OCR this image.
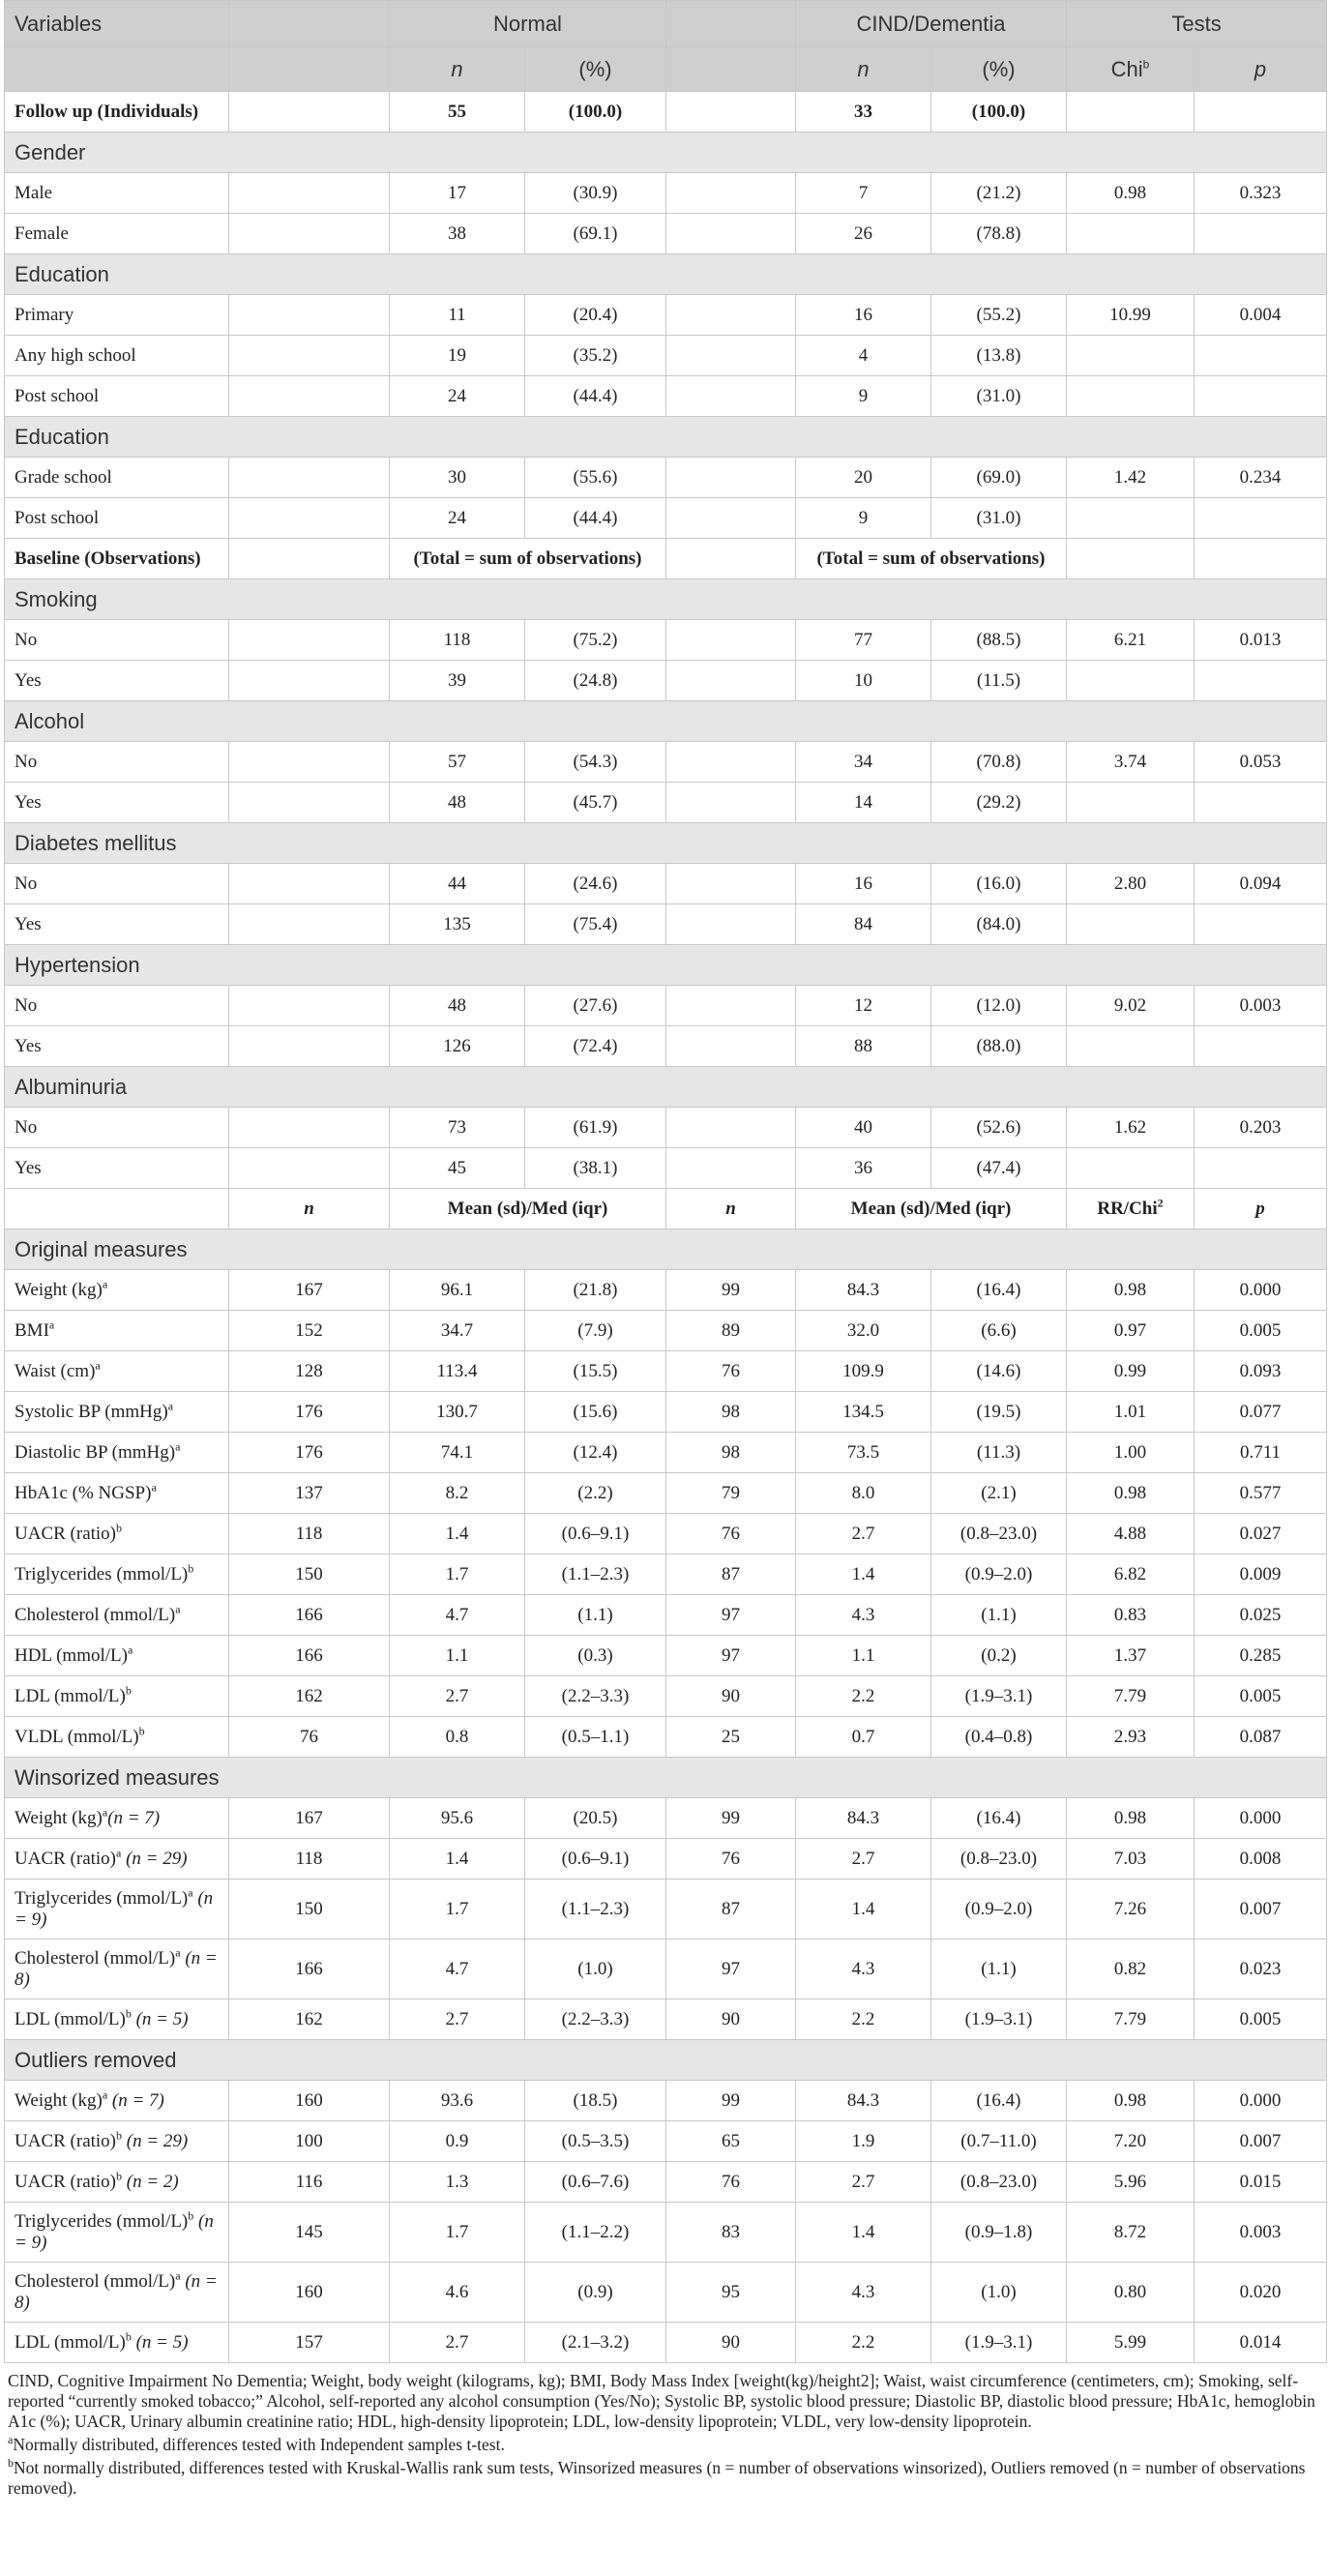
Variables		Normal			CIND/Dementia		Tests	
		n	(%)		n	(%)	Chi$^b$	p
Follow up (Individuals)		55	(100.0)		33	(100.0)		
Gender								
Male		17	(30.9)		7	(21.2)	0.98	0.323
Female		38	(69.1)		26	(78.8)		
Education								
Primary		11	(20.4)		16	(55.2)	10.99	0.004
Any high school		19	(35.2)		4	(13.8)		
Post school		24	(44.4)		9	(31.0)		
Education								
Grade school		30	(55.6)		20	(69.0)	1.42	0.234
Post school		24	(44.4)		9	(31.0)		
Baseline (Observations)		(Total = sum of observations)			(Total = sum of observations)			
Smoking								
No		118	(75.2)		77	(88.5)	6.21	0.013
Yes		39	(24.8)		10	(11.5)		
Alcohol								
No		57	(54.3)		34	(70.8)	3.74	0.053
Yes		48	(45.7)		14	(29.2)		
Diabetes mellitus								
No		44	(24.6)		16	(16.0)	2.80	0.094
Yes		135	(75.4)		84	(84.0)		
Hypertension								
No		48	(27.6)		12	(12.0)	9.02	0.003
Yes		126	(72.4)		88	(88.0)		
Albuminuria								
No		73	(61.9)		40	(52.6)	1.62	0.203
Yes		45	(38.1)		36	(47.4)		
	n	Mean (sd)/Med (iqr)		n	Mean (sd)/Med (iqr)		RR/Chi$^2$	p
Original measures								
Weight (kg)$^a$	167	96.1	(21.8)	99	84.3	(16.4)	0.98	0.000
BMI$^a$	152	34.7	(7.9)	89	32.0	(6.6)	0.97	0.005
Waist (cm)$^a$	128	113.4	(15.5)	76	109.9	(14.6)	0.99	0.093
Systolic BP (mmHg)$^a$	176	130.7	(15.6)	98	134.5	(19.5)	1.01	0.077
Diastolic BP (mmHg)$^a$	176	74.1	(12.4)	98	73.5	(11.3)	1.00	0.711
HbA1c (% NGSP)$^a$	137	8.2	(2.2)	79	8.0	(2.1)	0.98	0.577
UACR (ratio)$^b$	118	1.4	(0.6–9.1)	76	2.7	(0.8–23.0)	4.88	0.027
Triglycerides (mmol/L)$^b$	150	1.7	(1.1–2.3)	87	1.4	(0.9–2.0)	6.82	0.009
Cholesterol (mmol/L)$^a$	166	4.7	(1.1)	97	4.3	(1.1)	0.83	0.025
HDL (mmol/L)$^a$	166	1.1	(0.3)	97	1.1	(0.2)	1.37	0.285
LDL (mmol/L)$^b$	162	2.7	(2.2–3.3)	90	2.2	(1.9–3.1)	7.79	0.005
VLDL (mmol/L)$^b$	76	0.8	(0.5–1.1)	25	0.7	(0.4–0.8)	2.93	0.087
Winsorized measures								
Weight (kg)$^a$(n = 7)	167	95.6	(20.5)	99	84.3	(16.4)	0.98	0.000
UACR (ratio)$^a$ (n = 29)	118	1.4	(0.6–9.1)	76	2.7	(0.8–23.0)	7.03	0.008
Triglycerides (mmol/L)$^a$ (n = 9)	150	1.7	(1.1–2.3)	87	1.4	(0.9–2.0)	7.26	0.007
Cholesterol (mmol/L)$^a$ (n = 8)	166	4.7	(1.0)	97	4.3	(1.1)	0.82	0.023
LDL (mmol/L)$^b$ (n = 5)	162	2.7	(2.2–3.3)	90	2.2	(1.9–3.1)	7.79	0.005
Outliers removed								
Weight (kg)$^a$ (n = 7)	160	93.6	(18.5)	99	84.3	(16.4)	0.98	0.000
UACR (ratio)$^b$ (n = 29)	100	0.9	(0.5–3.5)	65	1.9	(0.7–11.0)	7.20	0.007
UACR (ratio)$^b$ (n = 2)	116	1.3	(0.6–7.6)	76	2.7	(0.8–23.0)	5.96	0.015
Triglycerides (mmol/L)$^b$ (n = 9)	145	1.7	(1.1–2.2)	83	1.4	(0.9–1.8)	8.72	0.003
Cholesterol (mmol/L)$^a$ (n = 8)	160	4.6	(0.9)	95	4.3	(1.0)	0.80	0.020
LDL (mmol/L)$^b$ (n = 5)	157	2.7	(2.1–3.2)	90	2.2	(1.9–3.1)	5.99	0.014

CIND, Cognitive Impairment No Dementia; Weight, body weight (kilograms, kg); BMI, Body Mass Index [weight(kg)/height2]; Waist, waist circumference (centimeters, cm); Smoking, self-reported “currently smoked tobacco;” Alcohol, self-reported any alcohol consumption (Yes/No); Systolic BP, systolic blood pressure; Diastolic BP, diastolic blood pressure; HbA1c, hemoglobin A1c (%); UACR, Urinary albumin creatinine ratio; HDL, high-density lipoprotein; LDL, low-density lipoprotein; VLDL, very low-density lipoprotein.

$^a$Normally distributed, differences tested with Independent samples t-test.

$^b$Not normally distributed, differences tested with Kruskal-Wallis rank sum tests, Winsorized measures (n = number of observations winsorized), Outliers removed (n = number of observations removed).
